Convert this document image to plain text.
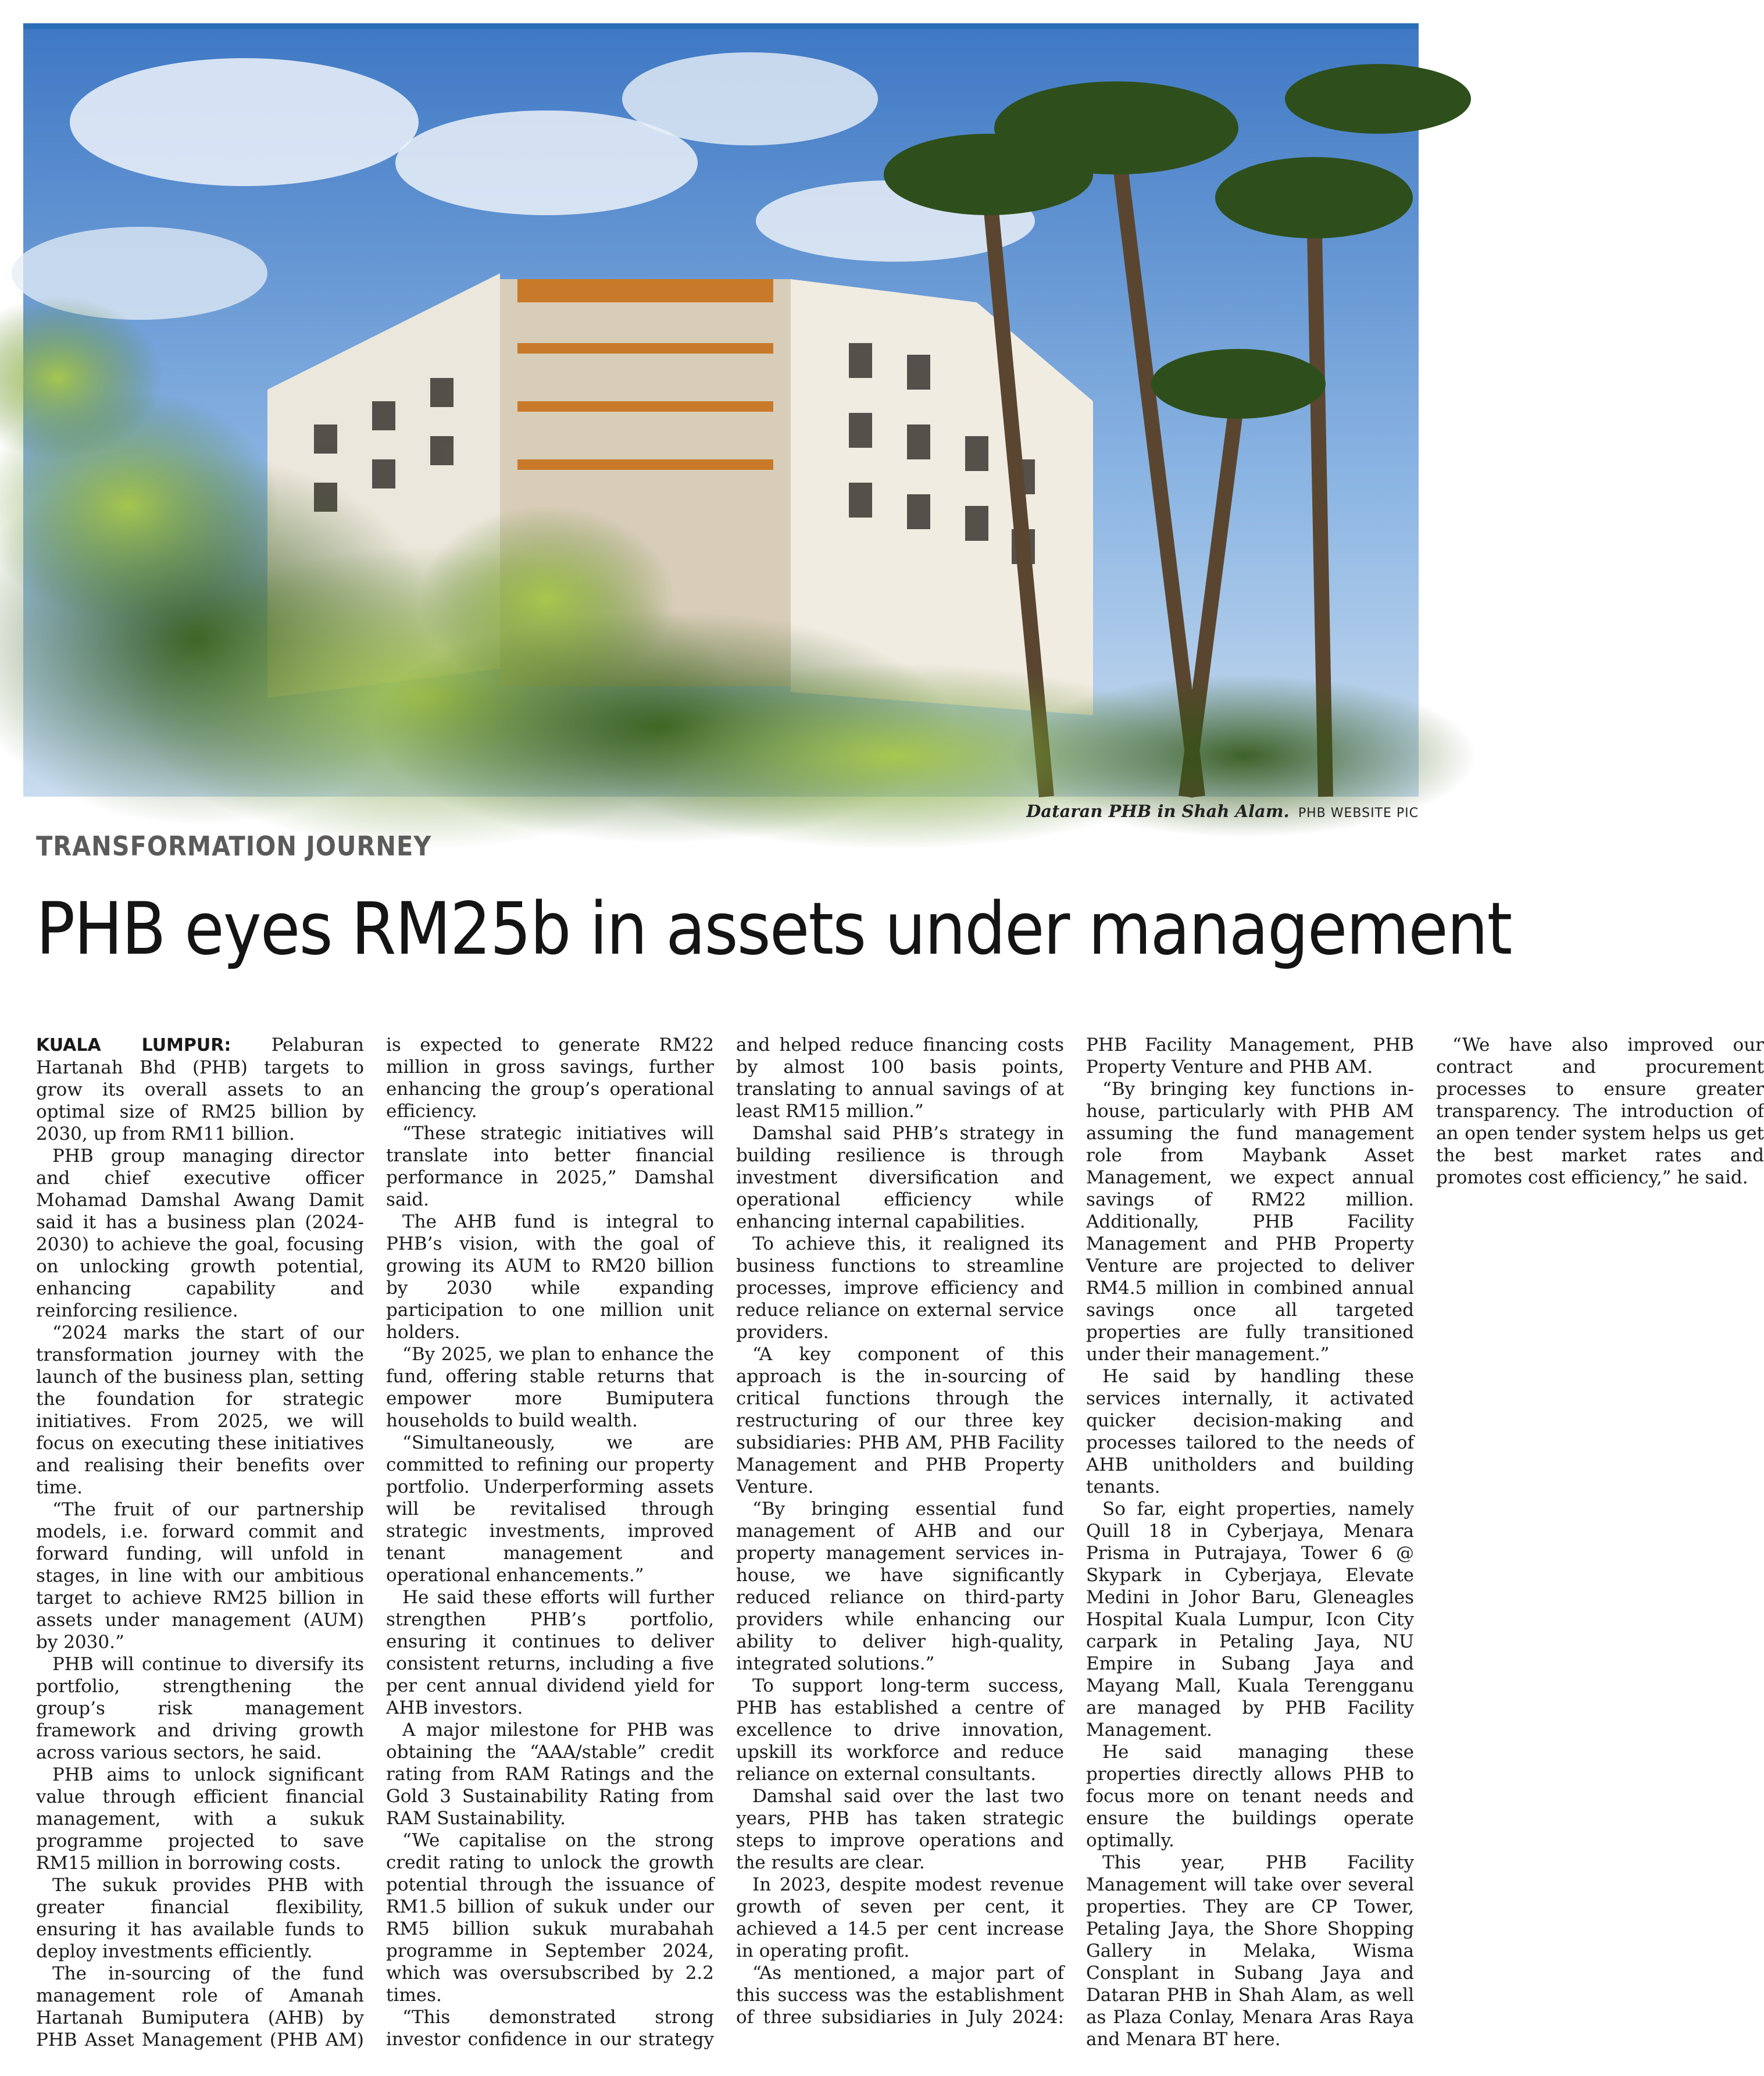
Dataran PHB in Shah Alam. PHB WEBSITE PIC
TRANSFORMATION JOURNEY
PHB eyes RM25b in assets under management

KUALA LUMPUR: Pelaburan Hartanah Bhd (PHB) targets to grow its overall assets to an optimal size of RM25 billion by 2030, up from RM11 billion.

PHB group managing director and chief executive officer Mohamad Damshal Awang Damit said it has a business plan (2024-2030) to achieve the goal, focusing on unlocking growth potential, enhancing capability and reinforcing resilience.

“2024 marks the start of our transformation journey with the launch of the business plan, setting the foundation for strategic initiatives. From 2025, we will focus on executing these initiatives and realising their benefits over time.

“The fruit of our partnership models, i.e. forward commit and forward funding, will unfold in stages, in line with our ambitious target to achieve RM25 billion in assets under management (AUM) by 2030.”

PHB will continue to diversify its portfolio, strengthening the group’s risk management framework and driving growth across various sectors, he said.

PHB aims to unlock significant value through efficient financial management, with a sukuk programme projected to save RM15 million in borrowing costs.

The sukuk provides PHB with greater financial flexibility, ensuring it has available funds to deploy investments efficiently.

The in-sourcing of the fund management role of Amanah Hartanah Bumiputera (AHB) by PHB Asset Management (PHB AM) is expected to generate RM22 million in gross savings, further enhancing the group’s operational efficiency.

“These strategic initiatives will translate into better financial performance in 2025,” Damshal said.

The AHB fund is integral to PHB’s vision, with the goal of growing its AUM to RM20 billion by 2030 while expanding participation to one million unit holders.

“By 2025, we plan to enhance the fund, offering stable returns that empower more Bumiputera households to build wealth.

“Simultaneously, we are committed to refining our property portfolio. Underperforming assets will be revitalised through strategic investments, improved tenant management and operational enhancements.”

He said these efforts will further strengthen PHB’s portfolio, ensuring it continues to deliver consistent returns, including a five per cent annual dividend yield for AHB investors.

A major milestone for PHB was obtaining the “AAA/stable” credit rating from RAM Ratings and the Gold 3 Sustainability Rating from RAM Sustainability.

“We capitalise on the strong credit rating to unlock the growth potential through the issuance of RM1.5 billion of sukuk under our RM5 billion sukuk murabahah programme in September 2024, which was oversubscribed by 2.2 times.

“This demonstrated strong investor confidence in our strategy and helped reduce financing costs by almost 100 basis points, translating to annual savings of at least RM15 million.”

Damshal said PHB’s strategy in building resilience is through investment diversification and operational efficiency while enhancing internal capabilities.

To achieve this, it realigned its business functions to streamline processes, improve efficiency and reduce reliance on external service providers.

“A key component of this approach is the in-sourcing of critical functions through the restructuring of our three key subsidiaries: PHB AM, PHB Facility Management and PHB Property Venture.

“By bringing essential fund management of AHB and our property management services in-house, we have significantly reduced reliance on third-party providers while enhancing our ability to deliver high-quality, integrated solutions.”

To support long-term success, PHB has established a centre of excellence to drive innovation, upskill its workforce and reduce reliance on external consultants.

Damshal said over the last two years, PHB has taken strategic steps to improve operations and the results are clear.

In 2023, despite modest revenue growth of seven per cent, it achieved a 14.5 per cent increase in operating profit.

“As mentioned, a major part of this success was the establishment of three subsidiaries in July 2024: PHB Facility Management, PHB Property Venture and PHB AM.

“By bringing key functions in-house, particularly with PHB AM assuming the fund management role from Maybank Asset Management, we expect annual savings of RM22 million. Additionally, PHB Facility Management and PHB Property Venture are projected to deliver RM4.5 million in combined annual savings once all targeted properties are fully transitioned under their management.”

He said by handling these services internally, it activated quicker decision-making and processes tailored to the needs of AHB unitholders and building tenants.

So far, eight properties, namely Quill 18 in Cyberjaya, Menara Prisma in Putrajaya, Tower 6 @ Skypark in Cyberjaya, Elevate Medini in Johor Baru, Gleneagles Hospital Kuala Lumpur, Icon City carpark in Petaling Jaya, NU Empire in Subang Jaya and Mayang Mall, Kuala Terengganu are managed by PHB Facility Management.

He said managing these properties directly allows PHB to focus more on tenant needs and ensure the buildings operate optimally.

This year, PHB Facility Management will take over several properties. They are CP Tower, Petaling Jaya, the Shore Shopping Gallery in Melaka, Wisma Consplant in Subang Jaya and Dataran PHB in Shah Alam, as well as Plaza Conlay, Menara Aras Raya and Menara BT here.

“We have also improved our contract and procurement processes to ensure greater transparency. The introduction of an open tender system helps us get the best market rates and promotes cost efficiency,” he said.
